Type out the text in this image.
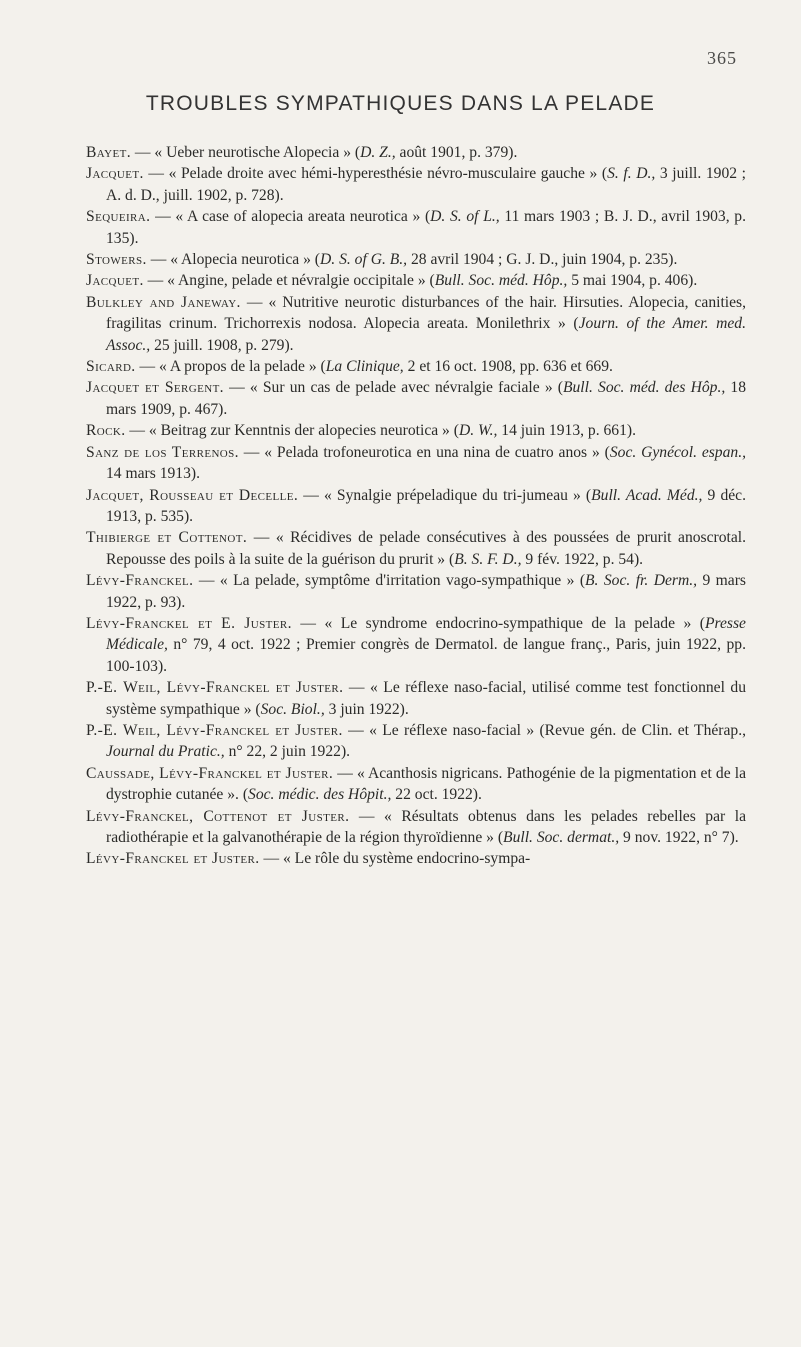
365
TROUBLES SYMPATHIQUES DANS LA PELADE
Bayet. — « Ueber neurotische Alopecia » (D. Z., août 1901, p. 379).
Jacquet. — « Pelade droite avec hémi-hyperesthésie névro-musculaire gauche » (S. f. D., 3 juill. 1902 ; A. d. D., juill. 1902, p. 728).
Sequeira. — « A case of alopecia areata neurotica » (D. S. of L., 11 mars 1903 ; B. J. D., avril 1903, p. 135).
Stowers. — « Alopecia neurotica » (D. S. of G. B., 28 avril 1904 ; G. J. D., juin 1904, p. 235).
Jacquet. — « Angine, pelade et névralgie occipitale » (Bull. Soc. méd. Hôp., 5 mai 1904, p. 406).
Bulkley and Janeway. — « Nutritive neurotic disturbances of the hair. Hirsuties. Alopecia, canities, fragilitas crinum. Trichorrexis nodosa. Alopecia areata. Monilethrix » (Journ. of the Amer. med. Assoc., 25 juill. 1908, p. 279).
Sicard. — « A propos de la pelade » (La Clinique, 2 et 16 oct. 1908, pp. 636 et 669.
Jacquet et Sergent. — « Sur un cas de pelade avec névralgie faciale » (Bull. Soc. méd. des Hôp., 18 mars 1909, p. 467).
Rock. — « Beitrag zur Kenntnis der alopecies neurotica » (D. W., 14 juin 1913, p. 661).
Sanz de los Terrenos. — « Pelada trofoneurotica en una nina de cuatro anos » (Soc. Gynécol. espan., 14 mars 1913).
Jacquet, Rousseau et Decelle. — « Synalgie prépeladique du tri-jumeau » (Bull. Acad. Méd., 9 déc. 1913, p. 535).
Thibierge et Cottenot. — « Récidives de pelade consécutives à des poussées de prurit anoscrotal. Repousse des poils à la suite de la guérison du prurit » (B. S. F. D., 9 fév. 1922, p. 54).
Lévy-Franckel. — « La pelade, symptôme d'irritation vago-sympathique » (B. Soc. fr. Derm., 9 mars 1922, p. 93).
Lévy-Franckel et E. Juster. — « Le syndrome endocrino-sympathique de la pelade » (Presse Médicale, n° 79, 4 oct. 1922 ; Premier congrès de Dermatol. de langue franç., Paris, juin 1922, pp. 100-103).
P.-E. Weil, Lévy-Franckel et Juster. — « Le réflexe naso-facial, utilisé comme test fonctionnel du système sympathique » (Soc. Biol., 3 juin 1922).
P.-E. Weil, Lévy-Franckel et Juster. — « Le réflexe naso-facial » (Revue gén. de Clin. et Thérap., Journal du Pratic., n° 22, 2 juin 1922).
Caussade, Lévy-Franckel et Juster. — « Acanthosis nigricans. Pathogénie de la pigmentation et de la dystrophie cutanée ». (Soc. médic. des Hôpit., 22 oct. 1922).
Lévy-Franckel, Cottenot et Juster. — « Résultats obtenus dans les pelades rebelles par la radiothérapie et la galvanothérapie de la région thyroïdienne » (Bull. Soc. dermat., 9 nov. 1922, n° 7).
Lévy-Franckel et Juster. — « Le rôle du système endocrino-sympa-
